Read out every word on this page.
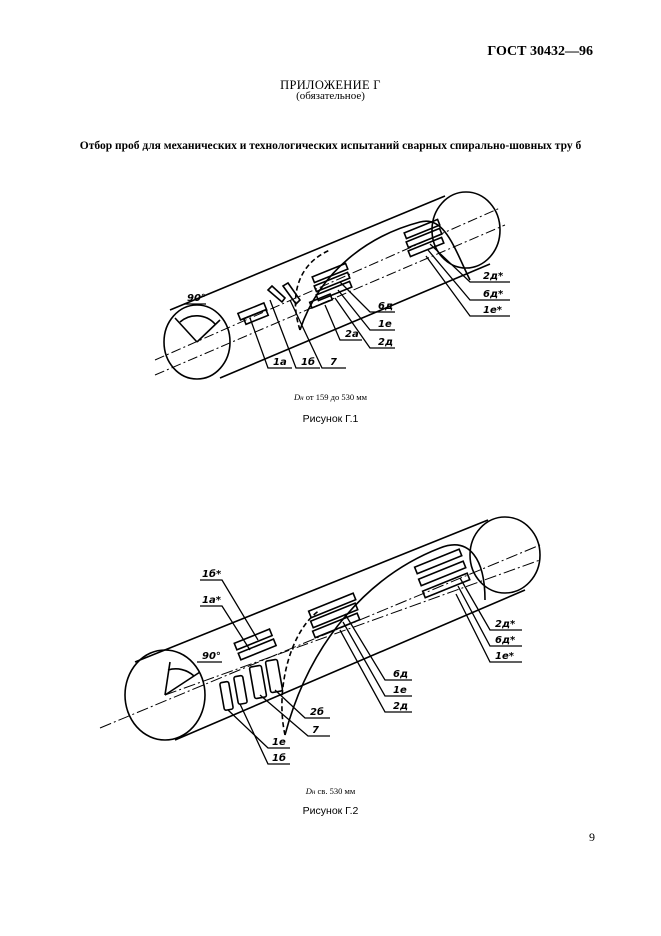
ГОСТ 30432—96
ПРИЛОЖЕНИЕ Г
(обязательное)
Отбор проб для механических и технологических испытаний сварных спирально-шовных тру б
90°
2д*
6д*
1е*
6д
1е
2д
2а
1а 1б 7
Dн от 159 до 530 мм
Рисунок Г.1
90°
1б*
1а*
2д*
6д*
1е*
6д
1е
2д
2б
7
1е
1б
Dн св. 530 мм
Рисунок Г.2
9
